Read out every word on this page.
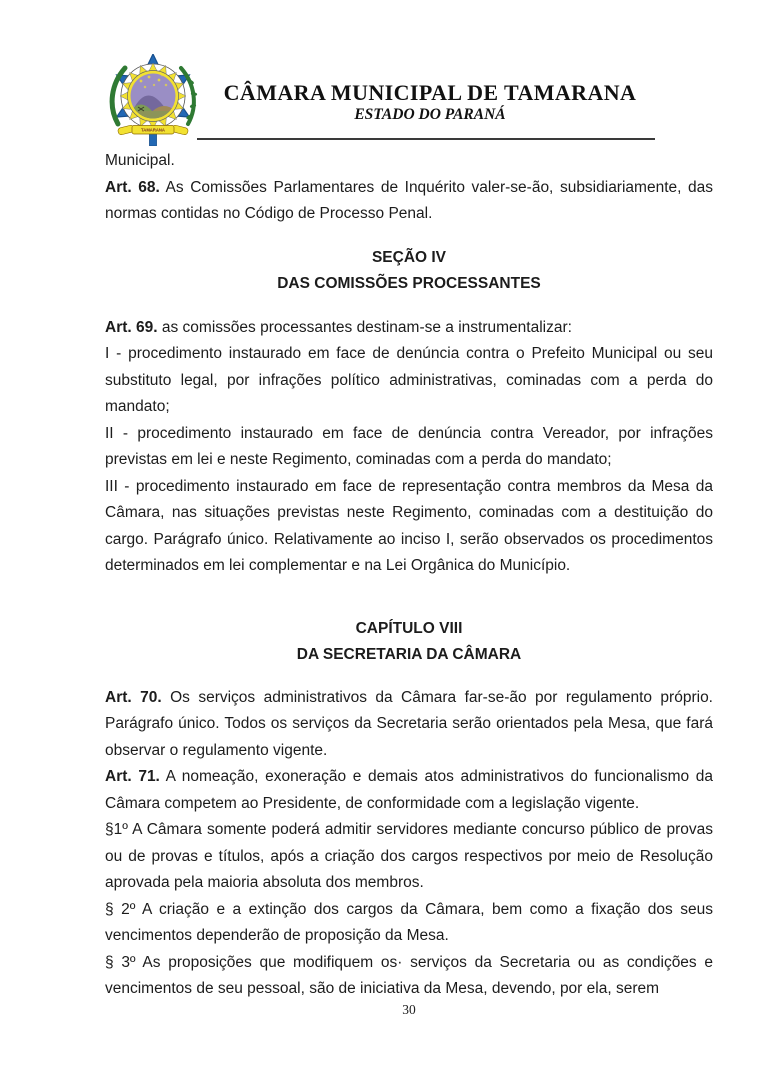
TAMARANA
CÂMARA MUNICIPAL DE TAMARANA
ESTADO DO PARANÁ

Municipal.

Art. 68. As Comissões Parlamentares de Inquérito valer-se-ão, subsidiariamente, das normas contidas no Código de Processo Penal.

SEÇÃO IV
DAS COMISSÕES PROCESSANTES

Art. 69. as comissões processantes destinam-se a instrumentalizar:

I - procedimento instaurado em face de denúncia contra o Prefeito Municipal ou seu substituto legal, por infrações político administrativas, cominadas com a perda do mandato;

II - procedimento instaurado em face de denúncia contra Vereador, por infrações previstas em lei e neste Regimento, cominadas com a perda do mandato;

III - procedimento instaurado em face de representação contra membros da Mesa da Câmara, nas situações previstas neste Regimento, cominadas com a destituição do cargo. Parágrafo único. Relativamente ao inciso I, serão observados os procedimentos determinados em lei complementar e na Lei Orgânica do Município.

CAPÍTULO VIII
DA SECRETARIA DA CÂMARA

Art. 70. Os serviços administrativos da Câmara far-se-ão por regulamento próprio. Parágrafo único. Todos os serviços da Secretaria serão orientados pela Mesa, que fará observar o regulamento vigente.

Art. 71. A nomeação, exoneração e demais atos administrativos do funcionalismo da Câmara competem ao Presidente, de conformidade com a legislação vigente.

§1º A Câmara somente poderá admitir servidores mediante concurso público de provas ou de provas e títulos, após a criação dos cargos respectivos por meio de Resolução aprovada pela maioria absoluta dos membros.

§ 2º A criação e a extinção dos cargos da Câmara, bem como a fixação dos seus vencimentos dependerão de proposição da Mesa.

§ 3º As proposições que modifiquem os· serviços da Secretaria ou as condições e vencimentos de seu pessoal, são de iniciativa da Mesa, devendo, por ela, serem

30
